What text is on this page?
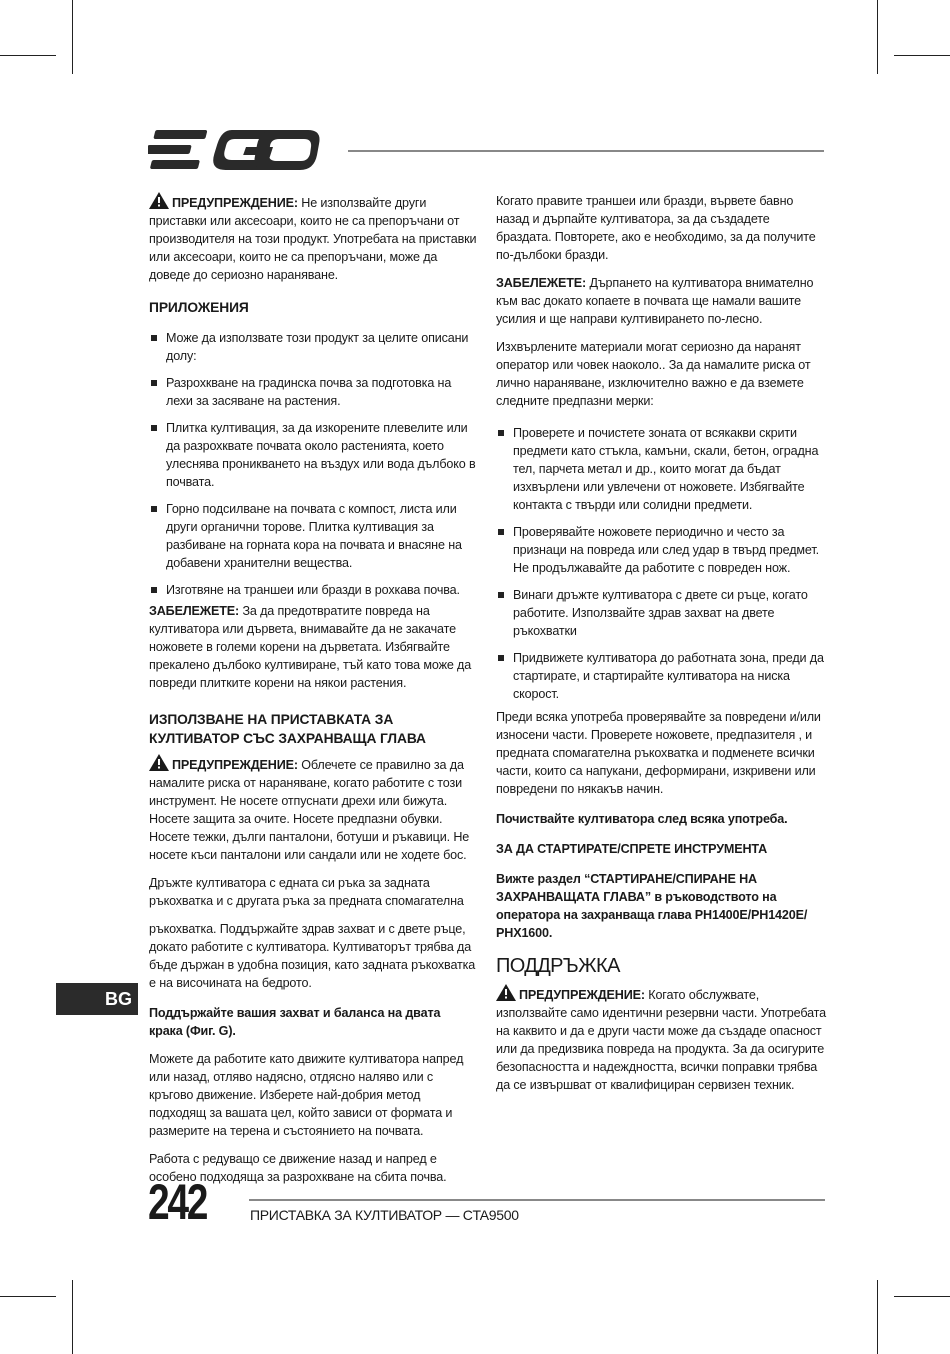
ПРЕДУПРЕЖДЕНИЕ: Не използвайте други приставки или аксесоари, които не са препоръчани от производителя на този продукт. Употребата на приставки или аксесоари, които не са препоръчани, може да доведе до сериозно нараняване.

ПРИЛОЖЕНИЯ
Може да използвате този продукт за целите описани долу:
Разрохкване на градинска почва за подготовка на лехи за засяване на растения.
Плитка култивация, за да изкорените плевелите или да разрохквате почвата около растенията, което улеснява проникването на въздух или вода дълбоко в почвата.
Горно подсилване на почвата с компост, листа или други органични торове. Плитка култивация за разбиване на горната кора на почвата и внасяне на добавени хранителни вещества.
Изготвяне на траншеи или бразди в рохкава почва.

ЗАБЕЛЕЖЕТЕ: За да предотвратите повреда на култиватора или дървета, внимавайте да не закачате ножовете в големи корени на дърветата. Избягвайте прекалено дълбоко култивиране, тъй като това може да повреди плитките корени на някои растения.

ИЗПОЛЗВАНЕ НА ПРИСТАВКАТА ЗА КУЛТИВАТОР СЪС ЗАХРАНВАЩА ГЛАВА

ПРЕДУПРЕЖДЕНИЕ: Облечете се правилно за да намалите риска от нараняване, когато работите с този инструмент. Не носете отпуснати дрехи или бижута. Носете защита за очите. Носете предпазни обувки. Носете тежки, дълги панталони, ботуши и ръкавици. Не носете къси панталони или сандали или не ходете бос.

Дръжте култиватора с едната си ръка за задната ръкохватка и с другата ръка за предната спомагателна

ръкохватка. Поддържайте здрав захват и с двете ръце, докато работите с култиватора. Култиваторът трябва да бъде държан в удобна позиция, като задната ръкохватка е на височината на бедрото.

Поддържайте вашия захват и баланса на двата крака (Фиг. G).

Можете да работите като движите култиватора напред или назад, отляво надясно, отдясно наляво или с кръгово движение. Изберете най-добрия метод подходящ за вашата цел, който зависи от формата и размерите на терена и състоянието на почвата.

Работа с редуващо се движение назад и напред е особено подходяща за разрохкване на сбита почва.

Когато правите траншеи или бразди, вървете бавно назад и дърпайте култиватора, за да създадете браздата. Повторете, ако е необходимо, за да получите по-дълбоки бразди.

ЗАБЕЛЕЖЕТЕ: Дърпането на култиватора внимателно към вас докато копаете в почвата ще намали вашите усилия и ще направи култивирането по-лесно.

Изхвърлените материали могат сериозно да наранят оператор или човек наоколо.. За да намалите риска от лично нараняване, изключително важно е да вземете следните предпазни мерки:

Проверете и почистете зоната от всякакви скрити предмети като стъкла, камъни, скали, бетон, оградна тел, парчета метал и др., които могат да бъдат изхвърлени или увлечени от ножовете. Избягвайте контакта с твърди или солидни предмети.
Проверявайте ножовете периодично и често за признаци на повреда или след удар в твърд предмет. Не продължавайте да работите с повреден нож.
Винаги дръжте култиватора с двете си ръце, когато работите. Използвайте здрав захват на двете ръкохватки
Придвижете култиватора до работната зона, преди да стартирате, и стартирайте култиватора на ниска скорост.

Преди всяка употреба проверявайте за повредени и/или износени части. Проверете ножовете, предпазителя , и предната спомагателна ръкохватка и подменете всички части, които са напукани, деформирани, изкривени или повредени по някакъв начин.

Почиствайте култиватора след всяка употреба.

ЗА ДА СТАРТИРАТЕ/СПРЕТЕ ИНСТРУМЕНТА

Вижте раздел “СТАРТИРАНЕ/СПИРАНЕ НА ЗАХРАНВАЩАТА ГЛАВА” в ръководството на оператора на захранваща глава PH1400E/PH1420E/ PHX1600.

ПОДДРЪЖКА

ПРЕДУПРЕЖДЕНИЕ: Когато обслужвате, използвайте само идентични резервни части. Употребата на каквито и да е други части може да създаде опасност или да предизвика повреда на продукта. За да осигурите безопасността и надеждността, всички поправки трябва да се извършват от квалифициран сервизен техник.

BG
242	ПРИСТАВКА ЗА КУЛТИВАТОР — CTA9500
